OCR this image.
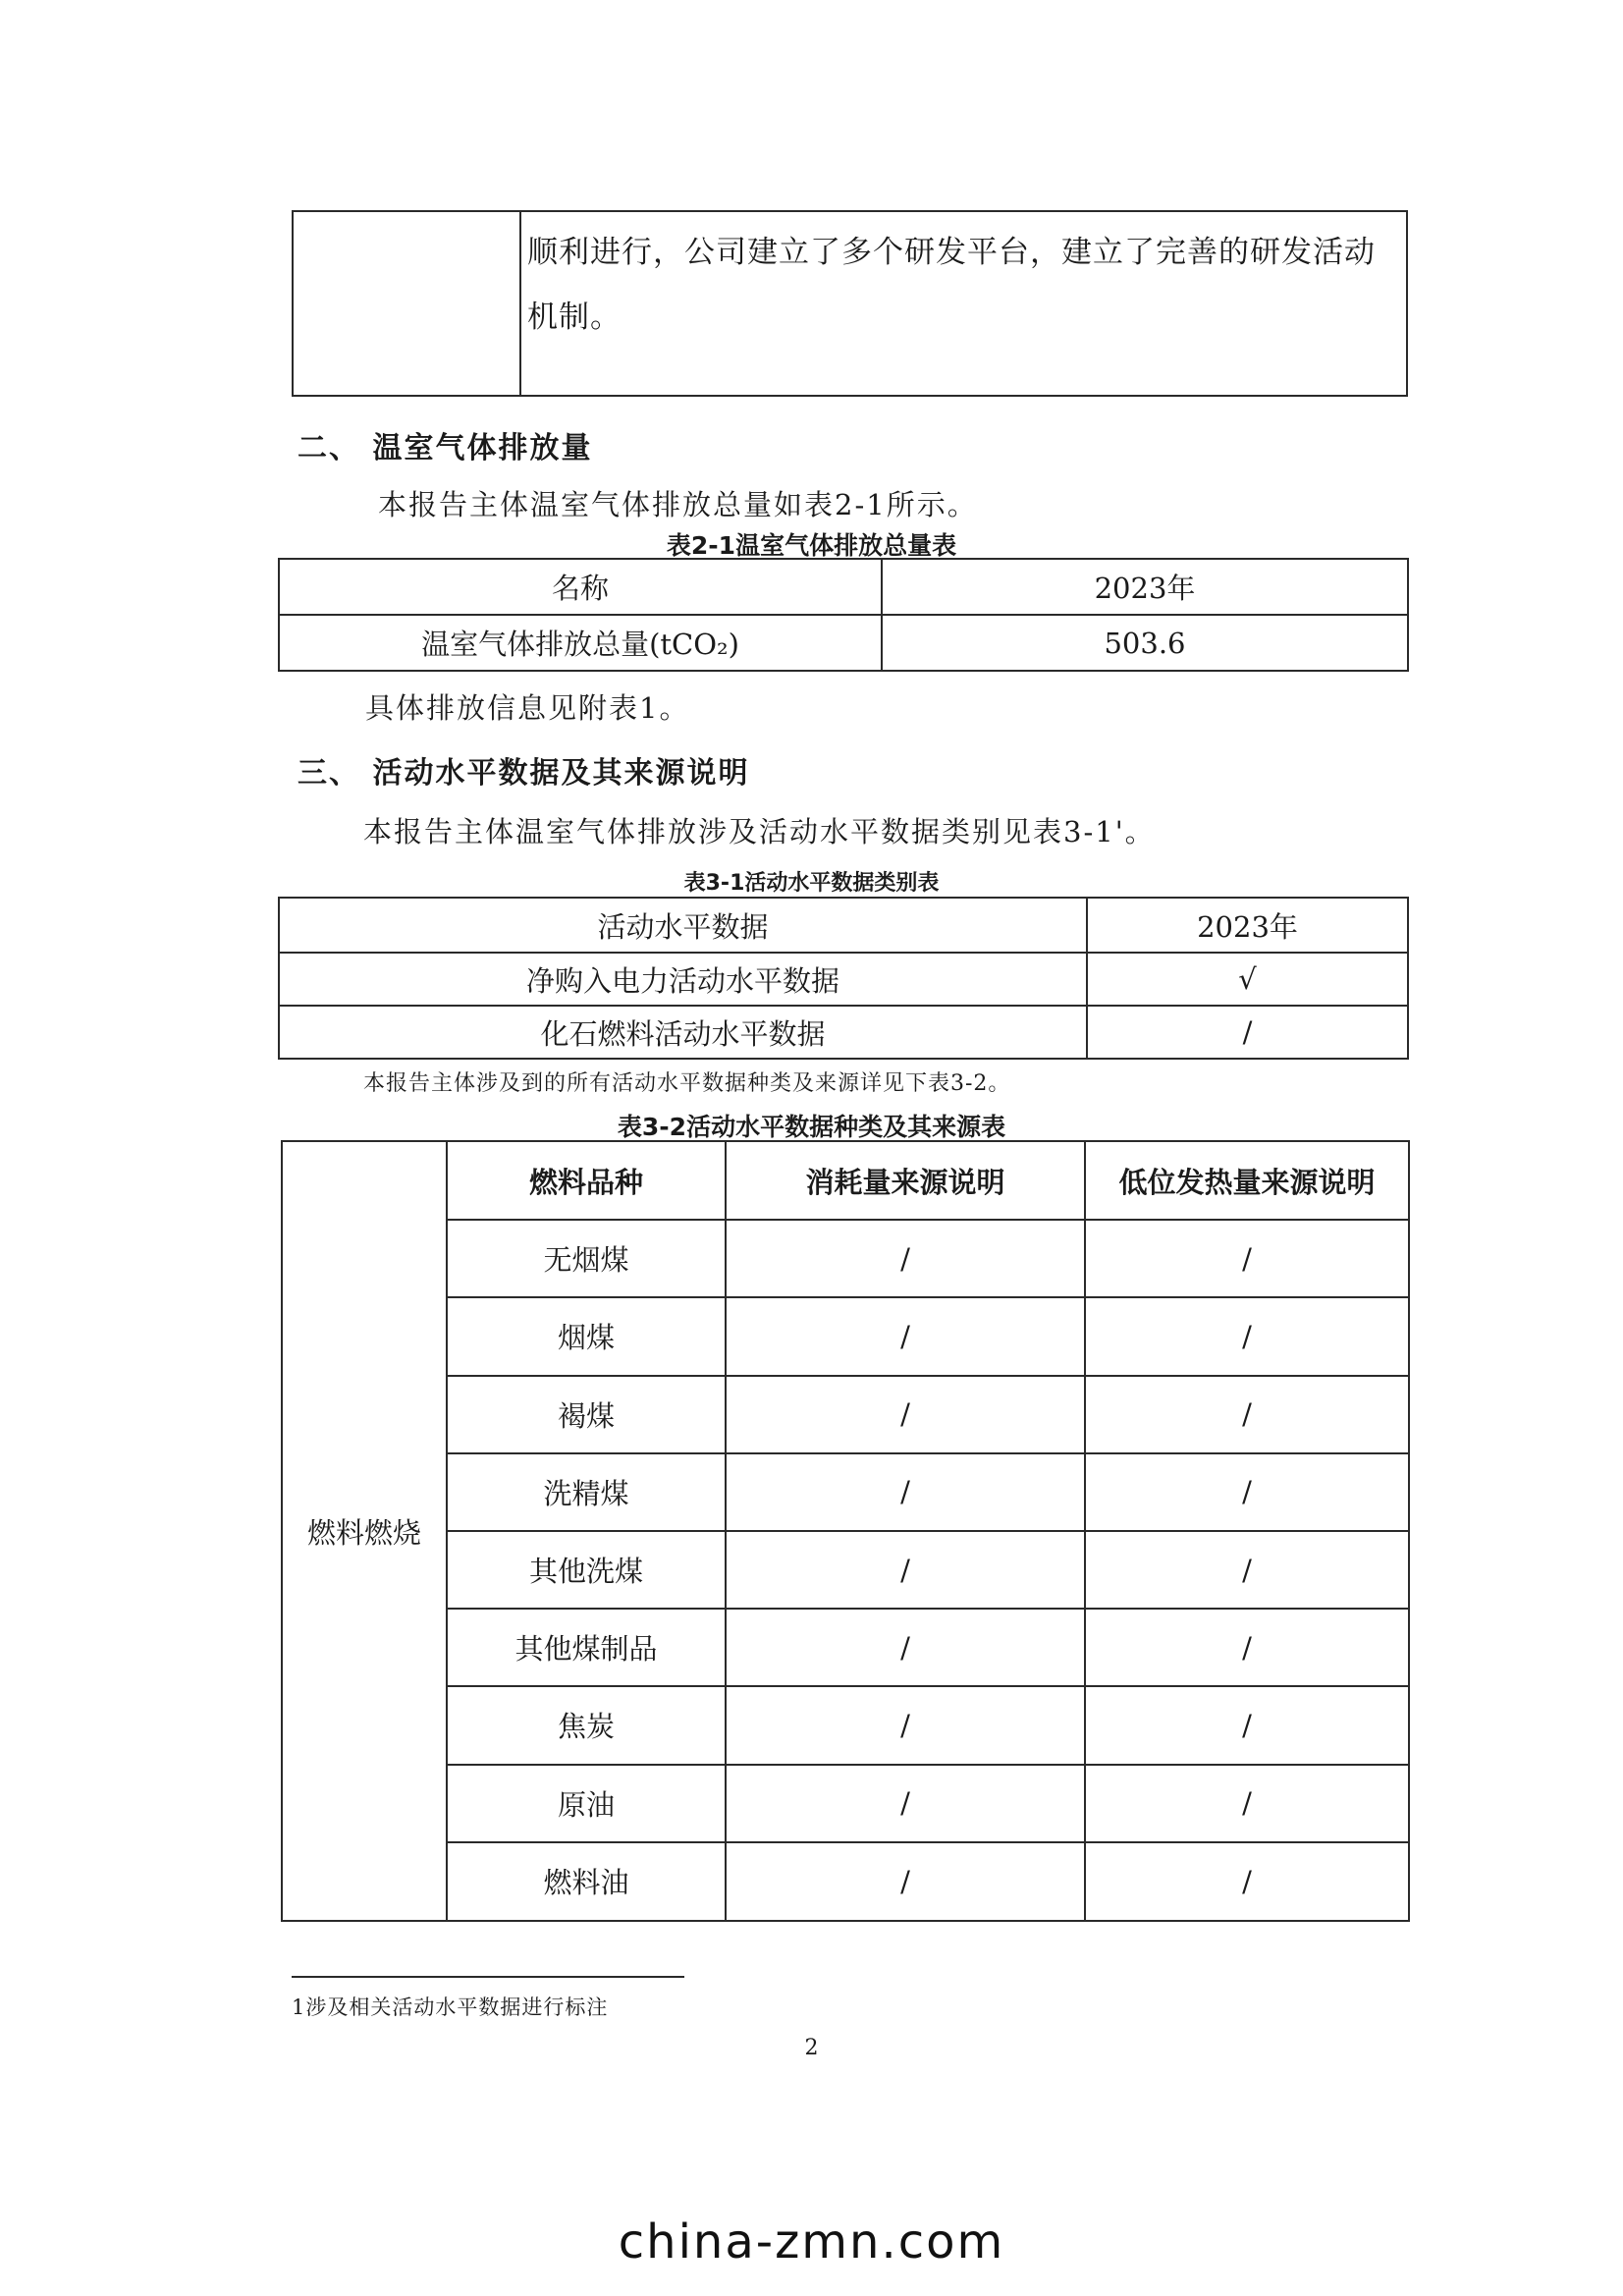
顺利进行，公司建立了多个研发平台，建立了完善的研发活动机制。
二、 温室气体排放量
本报告主体温室气体排放总量如表2-1所示。
表2-1温室气体排放总量表
名称	2023年
温室气体排放总量(tCO₂)	503.6
具体排放信息见附表1。
三、 活动水平数据及其来源说明
本报告主体温室气体排放涉及活动水平数据类别见表3-1'。
表3-1活动水平数据类别表
活动水平数据	2023年
净购入电力活动水平数据	√
化石燃料活动水平数据	/
本报告主体涉及到的所有活动水平数据种类及来源详见下表3-2。
表3-2活动水平数据种类及其来源表
燃料燃烧	燃料品种	消耗量来源说明	低位发热量来源说明
	无烟煤	/	/
	烟煤	/	/
	褐煤	/	/
	洗精煤	/	/
	其他洗煤	/	/
	其他煤制品	/	/
	焦炭	/	/
	原油	/	/
	燃料油	/	/
1涉及相关活动水平数据进行标注
2
china-zmn.com
